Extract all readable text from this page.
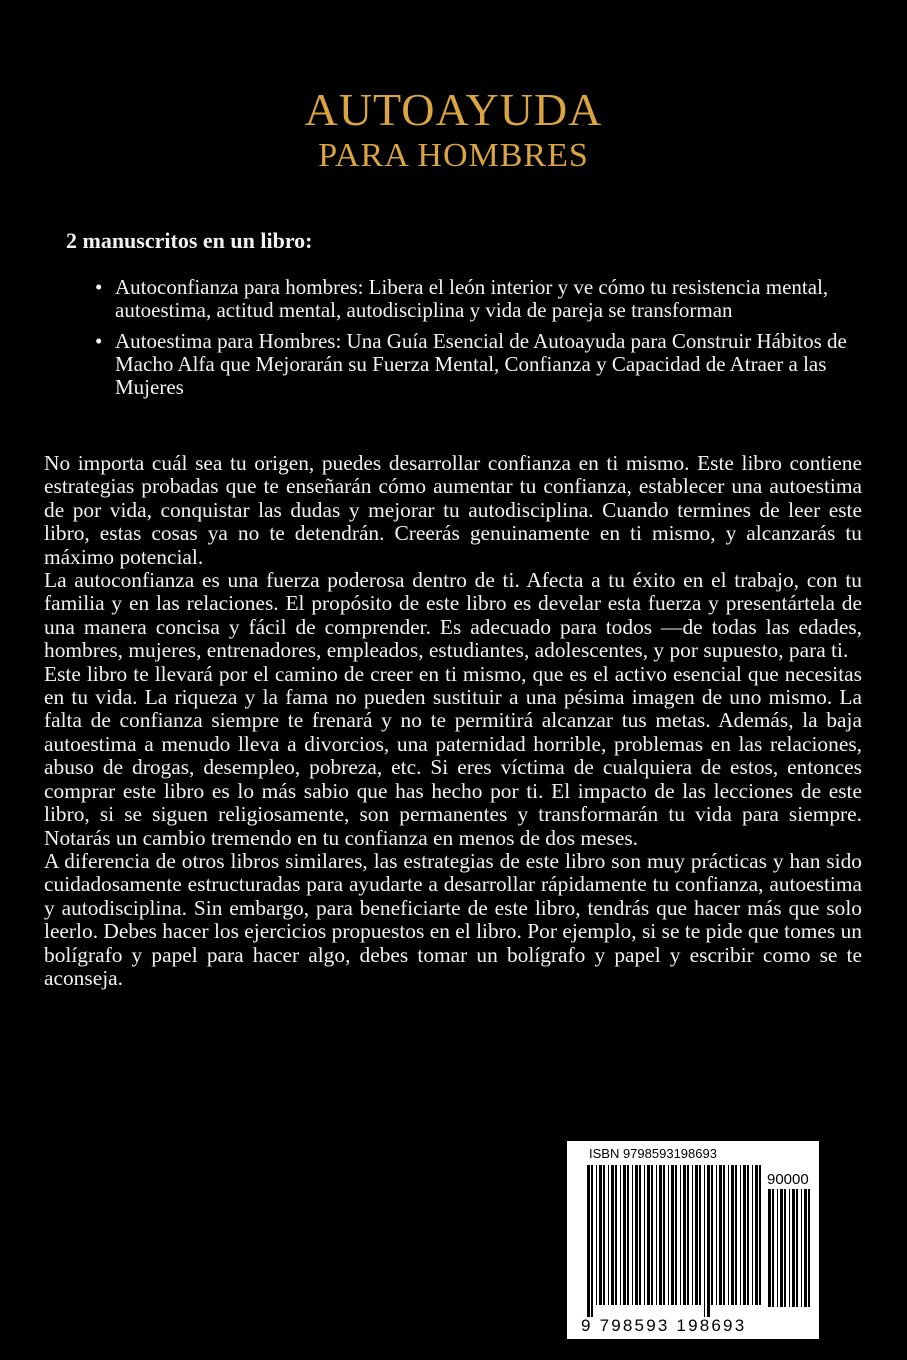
AUTOAYUDA
PARA HOMBRES
2 manuscritos en un libro:
• Autoconfianza para hombres: Libera el león interior y ve cómo tu resistencia mental, autoestima, actitud mental, autodisciplina y vida de pareja se transforman
• Autoestima para Hombres: Una Guía Esencial de Autoayuda para Construir Hábitos de Macho Alfa que Mejorarán su Fuerza Mental, Confianza y Capacidad de Atraer a las Mujeres

No importa cuál sea tu origen, puedes desarrollar confianza en ti mismo. Este libro contiene estrategias probadas que te enseñarán cómo aumentar tu confianza, establecer una autoestima de por vida, conquistar las dudas y mejorar tu autodisciplina. Cuando termines de leer este libro, estas cosas ya no te detendrán. Creerás genuinamente en ti mismo, y alcanzarás tu máximo potencial.

La autoconfianza es una fuerza poderosa dentro de ti. Afecta a tu éxito en el trabajo, con tu familia y en las relaciones. El propósito de este libro es develar esta fuerza y presentártela de una manera concisa y fácil de comprender. Es adecuado para todos —de todas las edades, hombres, mujeres, entrenadores, empleados, estudiantes, adolescentes, y por supuesto, para ti.

Este libro te llevará por el camino de creer en ti mismo, que es el activo esencial que necesitas en tu vida. La riqueza y la fama no pueden sustituir a una pésima imagen de uno mismo. La falta de confianza siempre te frenará y no te permitirá alcanzar tus metas. Además, la baja autoestima a menudo lleva a divorcios, una paternidad horrible, problemas en las relaciones, abuso de drogas, desempleo, pobreza, etc. Si eres víctima de cualquiera de estos, entonces comprar este libro es lo más sabio que has hecho por ti. El impacto de las lecciones de este libro, si se siguen religiosamente, son permanentes y transformarán tu vida para siempre. Notarás un cambio tremendo en tu confianza en menos de dos meses.

A diferencia de otros libros similares, las estrategias de este libro son muy prácticas y han sido cuidadosamente estructuradas para ayudarte a desarrollar rápidamente tu confianza, autoestima y autodisciplina. Sin embargo, para beneficiarte de este libro, tendrás que hacer más que solo leerlo. Debes hacer los ejercicios propuestos en el libro. Por ejemplo, si se te pide que tomes un bolígrafo y papel para hacer algo, debes tomar un bolígrafo y papel y escribir como se te aconseja.

ISBN 9798593198693
90000
9 798593 198693
